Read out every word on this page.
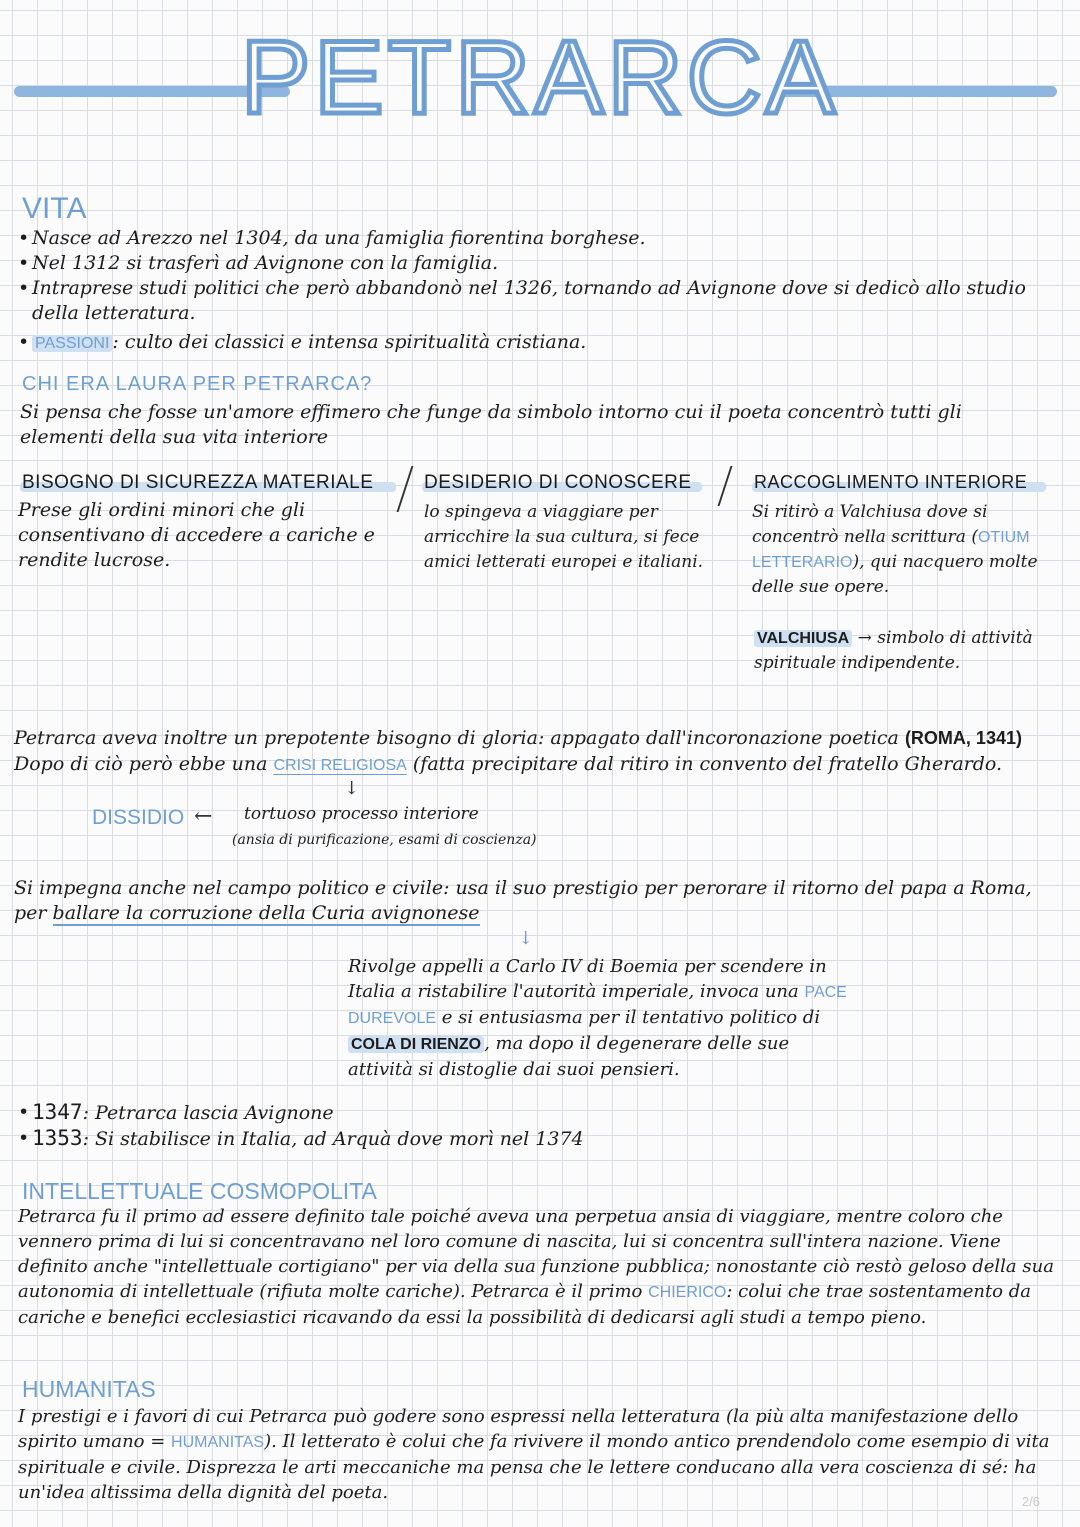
PETRARCA
VITA
• Nasce ad Arezzo nel 1304, da una famiglia fiorentina borghese.
• Nel 1312 si trasferì ad Avignone con la famiglia.
• Intraprese studi politici che però abbandonò nel 1326, tornando ad Avignone dove si dedicò allo studio della letteratura.
• PASSIONI : culto dei classici e intensa spiritualità cristiana.
CHI ERA LAURA PER PETRARCA?
Si pensa che fosse un'amore effimero che funge da simbolo intorno cui il poeta concentrò tutti gli elementi della sua vita interiore
BISOGNO DI SICUREZZA MATERIALE
Prese gli ordini minori che gli consentivano di accedere a cariche e rendite lucrose.
DESIDERIO DI CONOSCERE
lo spingeva a viaggiare per arricchire la sua cultura, si fece amici letterati europei e italiani.
RACCOGLIMENTO INTERIORE
Si ritirò a Valchiusa dove si concentrò nella scrittura (OTIUM LETTERARIO), qui nacquero molte delle sue opere.
VALCHIUSA → simbolo di attività spirituale indipendente.
Petrarca aveva inoltre un prepotente bisogno di gloria: appagato dall'incoronazione poetica (ROMA, 1341)
Dopo di ciò però ebbe una CRISI RELIGIOSA (fatta precipitare dal ritiro in convento del fratello Gherardo.
↓
DISSIDIO ← tortuoso processo interiore
(ansia di purificazione, esami di coscienza)
Si impegna anche nel campo politico e civile: usa il suo prestigio per perorare il ritorno del papa a Roma, per ballare la corruzione della Curia avignonese
↓
Rivolge appelli a Carlo IV di Boemia per scendere in Italia a ristabilire l'autorità imperiale, invoca una PACE DUREVOLE e si entusiasma per il tentativo politico di COLA DI RIENZO , ma dopo il degenerare delle sue attività si distoglie dai suoi pensieri.
• 1347: Petrarca lascia Avignone
• 1353: Si stabilisce in Italia, ad Arquà dove morì nel 1374
INTELLETTUALE COSMOPOLITA
Petrarca fu il primo ad essere definito tale poiché aveva una perpetua ansia di viaggiare, mentre coloro che vennero prima di lui si concentravano nel loro comune di nascita, lui si concentra sull'intera nazione. Viene definito anche "intellettuale cortigiano" per via della sua funzione pubblica; nonostante ciò restò geloso della sua autonomia di intellettuale (rifiuta molte cariche). Petrarca è il primo CHIERICO: colui che trae sostentamento da cariche e benefici ecclesiastici ricavando da essi la possibilità di dedicarsi agli studi a tempo pieno.
HUMANITAS
I prestigi e i favori di cui Petrarca può godere sono espressi nella letteratura (la più alta manifestazione dello spirito umano = HUMANITAS). Il letterato è colui che fa rivivere il mondo antico prendendolo come esempio di vita spirituale e civile. Disprezza le arti meccaniche ma pensa che le lettere conducano alla vera coscienza di sé: ha un'idea altissima della dignità del poeta.	2/6
